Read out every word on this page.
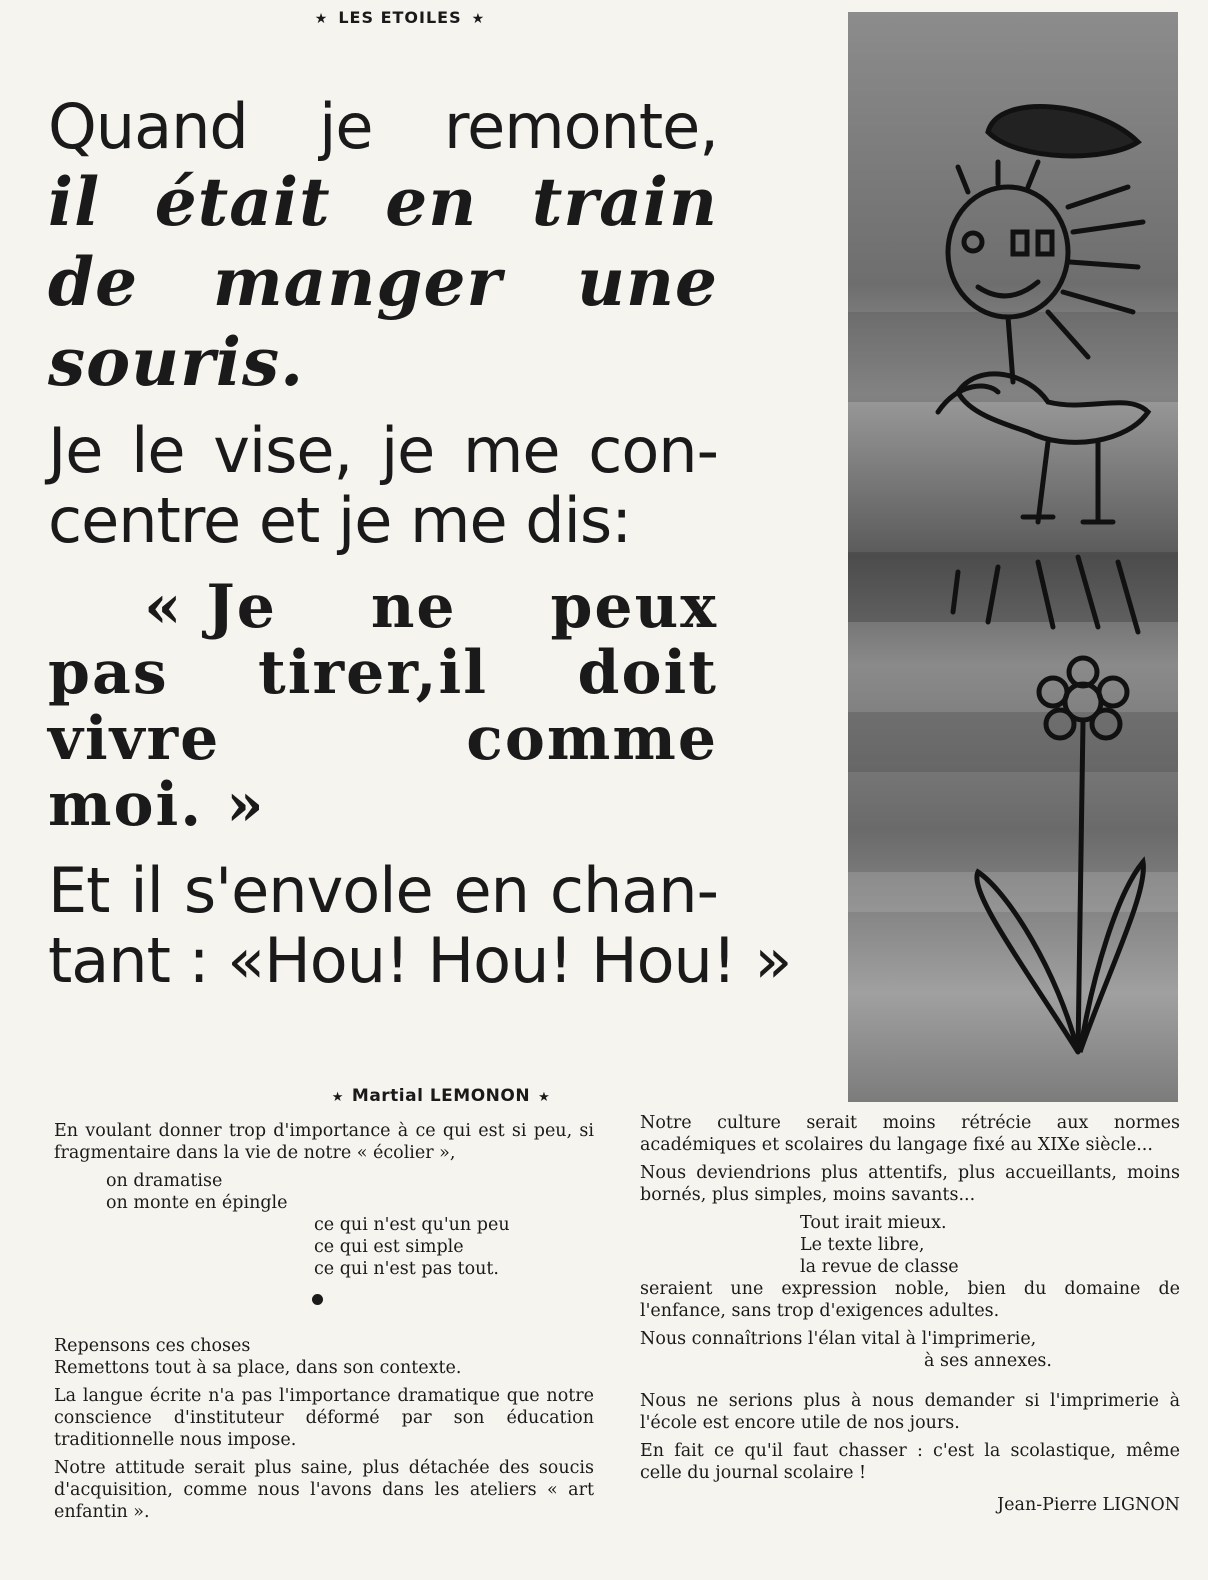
★ LES ETOILES ★
Quand je remonte,
il était en train
de manger une
souris.
Je le vise, je me con-
centre et je me dis:
« Je ne peux
pas tirer,il doit
vivre	comme
moi. »
Et il s'envole en chan-
tant : «Hou! Hou! Hou! »
★ Martial LEMONON ★

En voulant donner trop d'importance à ce qui est si peu, si fragmentaire dans la vie de notre « écolier »,

on dramatise
on monte en épingle
ce qui n'est qu'un peu
ce qui est simple
ce qui n'est pas tout.
Repensons ces choses

Remettons tout à sa place, dans son contexte.

La langue écrite n'a pas l'importance dramatique que notre conscience d'instituteur déformé par son éducation traditionnelle nous impose.

Notre attitude serait plus saine, plus détachée des soucis d'acquisition, comme nous l'avons dans les ateliers « art enfantin ».

Notre culture serait moins rétrécie aux normes académiques et scolaires du langage fixé au XIXe siècle...

Nous deviendrions plus attentifs, plus accueillants, moins bornés, plus simples, moins savants...

Tout irait mieux.
Le texte libre,
la revue de classe

seraient une expression noble, bien du domaine de l'enfance, sans trop d'exigences adultes.

Nous connaîtrions l'élan vital à l'imprimerie,

à ses annexes.

Nous ne serions plus à nous demander si l'imprimerie à l'école est encore utile de nos jours.

En fait ce qu'il faut chasser : c'est la scolastique, même celle du journal scolaire !

Jean-Pierre LIGNON
